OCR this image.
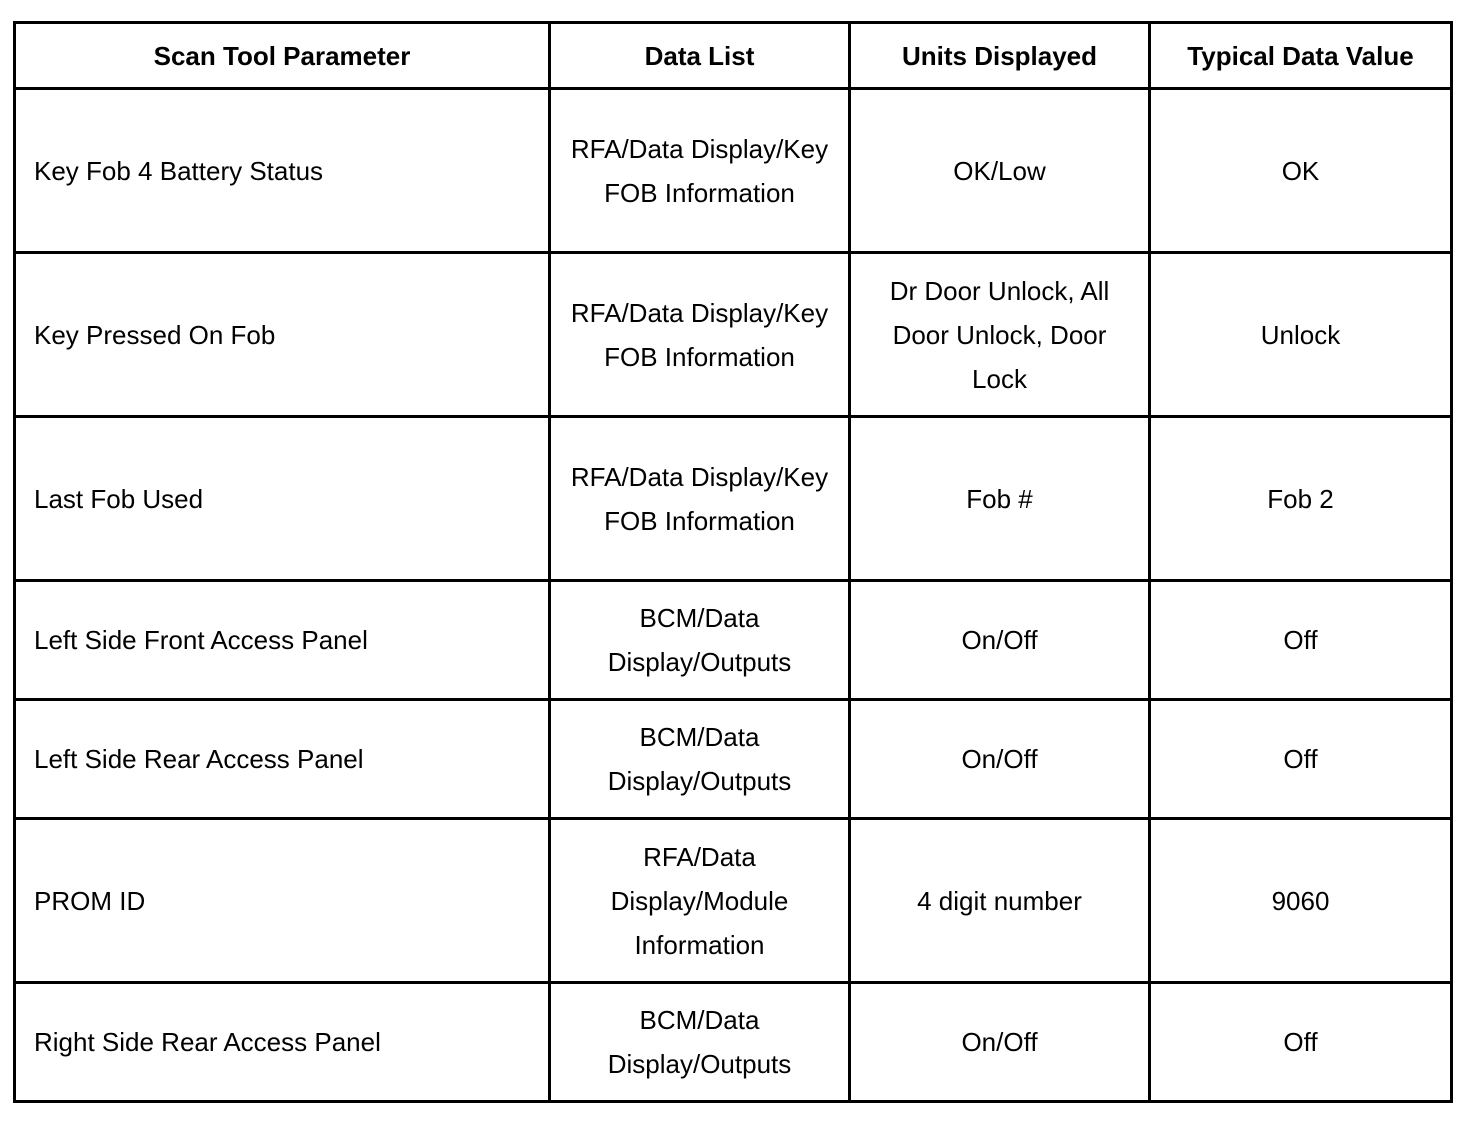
Scan Tool Parameter	Data List	Units Displayed	Typical Data Value
Key Fob 4 Battery Status	RFA/Data Display/Key FOB Information	OK/Low	OK
Key Pressed On Fob	RFA/Data Display/Key FOB Information	Dr Door Unlock, All Door Unlock, Door Lock	Unlock
Last Fob Used	RFA/Data Display/Key FOB Information	Fob #	Fob 2
Left Side Front Access Panel	BCM/Data Display/Outputs	On/Off	Off
Left Side Rear Access Panel	BCM/Data Display/Outputs	On/Off	Off
PROM ID	RFA/Data Display/Module Information	4 digit number	9060
Right Side Rear Access Panel	BCM/Data Display/Outputs	On/Off	Off
